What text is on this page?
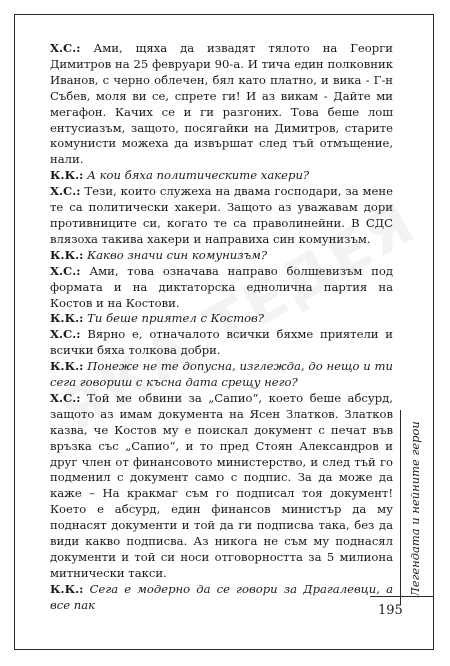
Х.С.: Ами, щяха да извадят тялото на Георги Димитров на 25 февруари 90-а. И тича един полковник Иванов, с черно облечен, бял като платно, и вика - Г-н Събев, моля ви се, спрете ги! И аз викам - Дайте ми мегафон. Качих се и ги разгоних. Това беше лош ентусиазъм, защото, посягайки на Димитров, старите комунисти можеха да извършат след тъй отмъщение, нали.

К.К.: А кои бяха политическите хакери?

Х.С.: Тези, които служеха на двама господари, за мене те са политически хакери. Защото аз уважавам дори противниците си, когато те са праволинейни. В СДС влязоха такива хакери и направиха син комунизъм.

К.К.: Какво значи син комунизъм?

Х.С.: Ами, това означава направо болшевизъм под формата и на диктаторска едноличнa партия на Костов и на Костови.

К.К.: Ти беше приятел с Костов?

Х.С.: Вярно е, отначалото всички бяхме приятели и всички бяха толкова добри.

К.К.: Понеже не те допусна, изглежда, до нещо и ти сега говориш с късна дата срещу него?

Х.С.: Той ме обвини за „Сапио“, което беше абсурд, защото аз имам документа на Ясен Златков. Златков казва, че Костов му е поискал документ с печат във връзка със „Сапио“, и то пред Стоян Александров и друг член от финансовото министерство, и след тъй го подменил с документ само с подпис. За да може да каже – На кракмаг съм го подписал тоя документ! Което е абсурд, един финансов министър да му поднасят документи и той да ги подписва така, без да види какво подписва. Аз никога не съм му поднасял документи и той си носи отговорността за 5 милиона митнически такси.

К.К.: Сега е модерно да се говори за Драгалевци, а все пак

Легендата и нейните герои
195
